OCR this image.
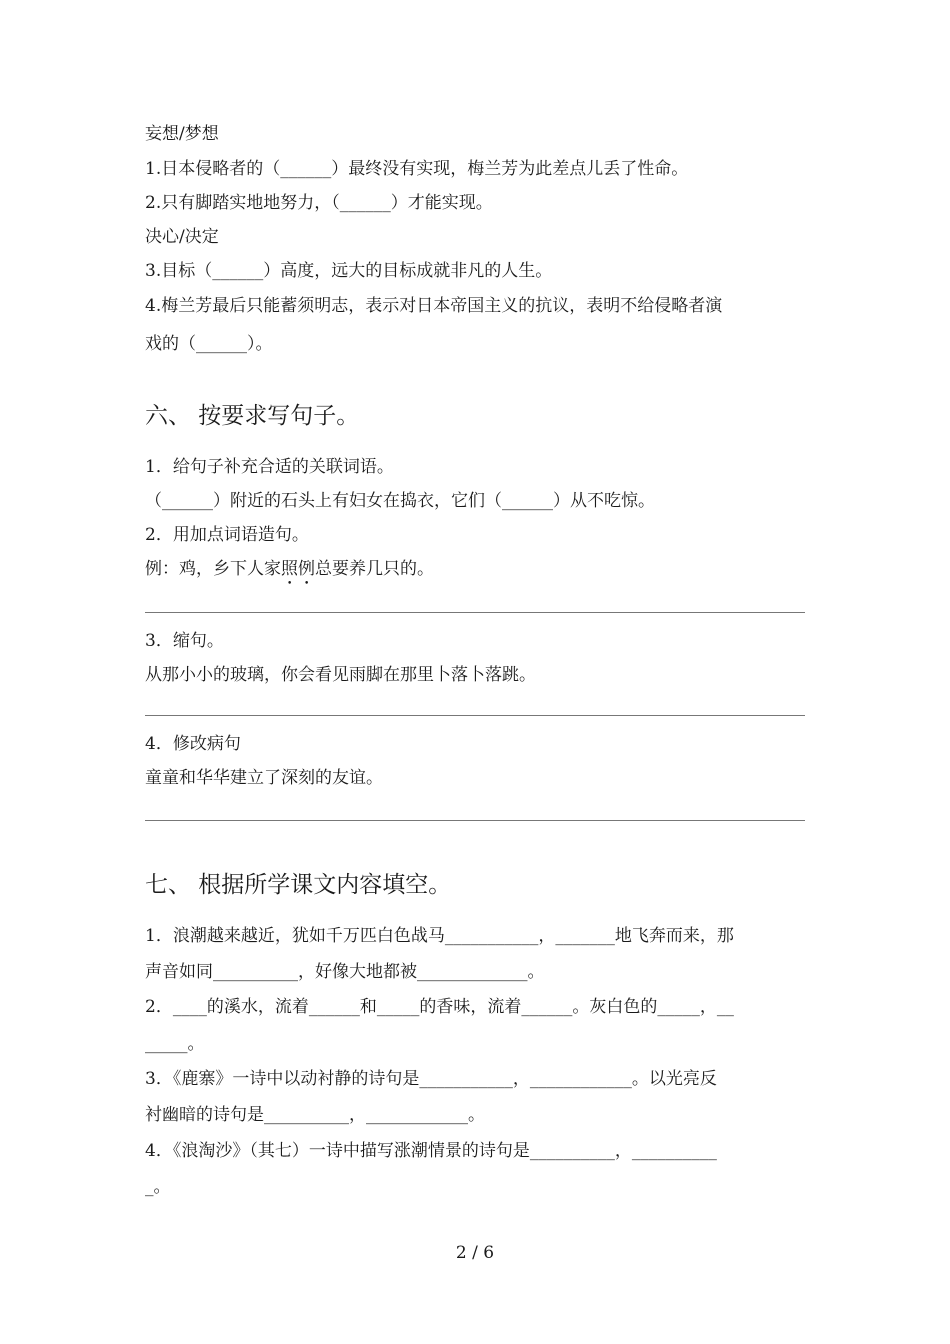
妄想/梦想
1.日本侵略者的（______）最终没有实现，梅兰芳为此差点儿丢了性命。
2.只有脚踏实地地努力，（______）才能实现。
决心/决定
3.目标（______）高度，远大的目标成就非凡的人生。
4.梅兰芳最后只能蓄须明志，表示对日本帝国主义的抗议，表明不给侵略者演
戏的（______）。
六、 按要求写句子。
1．给句子补充合适的关联词语。
（______）附近的石头上有妇女在捣衣，它们（______）从不吃惊。
2．用加点词语造句。
例：鸡，乡下人家照例总要养几只的。
3．缩句。
从那小小的玻璃，你会看见雨脚在那里卜落卜落跳。
4．修改病句
童童和华华建立了深刻的友谊。
七、 根据所学课文内容填空。
1．浪潮越来越近，犹如千万匹白色战马___________，_______地飞奔而来，那
声音如同__________，好像大地都被_____________。
2．____的溪水，流着______和_____的香味，流着______。灰白色的_____，__
_____。
3．《鹿寨》一诗中以动衬静的诗句是___________，____________。以光亮反
衬幽暗的诗句是__________，____________。
4．《浪淘沙》（其七）一诗中描写涨潮情景的诗句是__________，__________
_。
2 / 6
